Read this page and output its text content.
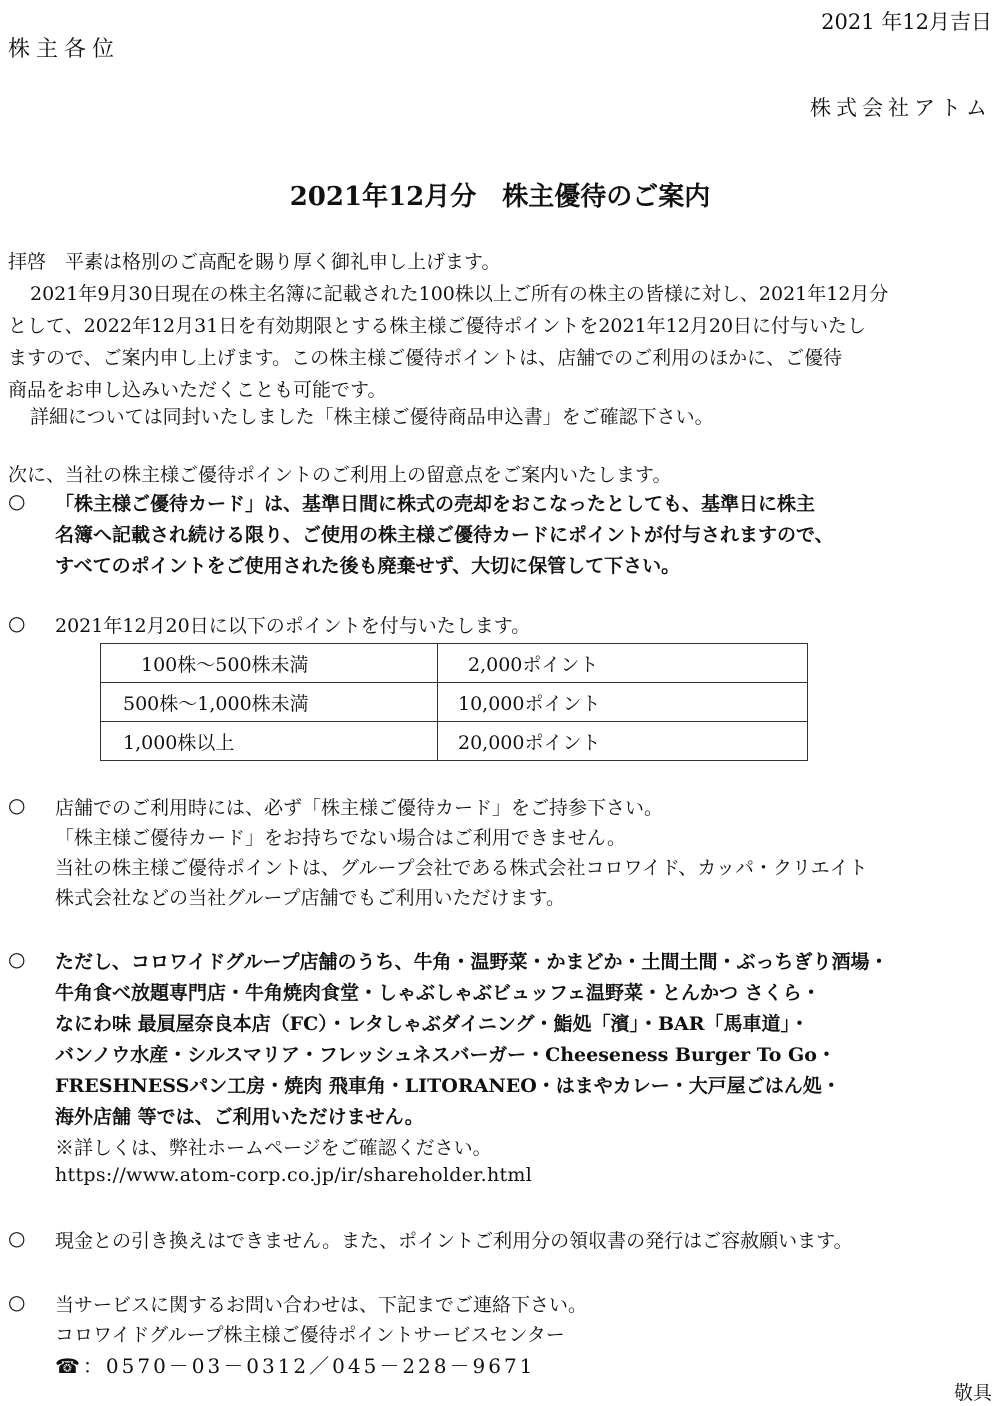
株主各位
2021 年12月吉日
株式会社アトム
2021年12月分　株主優待のご案内
拝啓　平素は格別のご高配を賜り厚く御礼申し上げます。
2021年9月30日現在の株主名簿に記載された100株以上ご所有の株主の皆様に対し、2021年12月分
として、2022年12月31日を有効期限とする株主様ご優待ポイントを2021年12月20日に付与いたし
ますので、ご案内申し上げます。この株主様ご優待ポイントは、店舗でのご利用のほかに、ご優待
商品をお申し込みいただくことも可能です。
詳細については同封いたしました「株主様ご優待商品申込書」をご確認下さい。
次に、当社の株主様ご優待ポイントのご利用上の留意点をご案内いたします。
○ 「株主様ご優待カード」は、基準日間に株式の売却をおこなったとしても、基準日に株主
名簿へ記載され続ける限り、ご使用の株主様ご優待カードにポイントが付与されますので、
すべてのポイントをご使用された後も廃棄せず、大切に保管して下さい。
○ 2021年12月20日に以下のポイントを付与いたします。
100株～500株未満	2,000ポイント
500株～1,000株未満	10,000ポイント
1,000株以上	20,000ポイント
○ 店舗でのご利用時には、必ず「株主様ご優待カード」をご持参下さい。
「株主様ご優待カード」をお持ちでない場合はご利用できません。
当社の株主様ご優待ポイントは、グループ会社である株式会社コロワイド、カッパ・クリエイト
株式会社などの当社グループ店舗でもご利用いただけます。
○ ただし、コロワイドグループ店舗のうち、牛角・温野菜・かまどか・土間土間・ぶっちぎり酒場・
牛角食べ放題専門店・牛角焼肉食堂・しゃぶしゃぶビュッフェ温野菜・とんかつ さくら・
なにわ味 最屓屋奈良本店（FC）・レタしゃぶダイニング・鮨処「濱」・BAR「馬車道」・
バンノウ水産・シルスマリア・フレッシュネスバーガー・Cheeseness Burger To Go・
FRESHNESSパン工房・焼肉 飛車角・LITORANEO・はまやカレー・大戸屋ごはん処・
海外店舗 等では、ご利用いただけません。
※詳しくは、弊社ホームページをご確認ください。
https://www.atom-corp.co.jp/ir/shareholder.html
○ 現金との引き換えはできません。また、ポイントご利用分の領収書の発行はご容赦願います。
○ 当サービスに関するお問い合わせは、下記までご連絡下さい。
コロワイドグループ株主様ご優待ポイントサービスセンター
☎：0570－03－0312／045－228－9671
敬具
